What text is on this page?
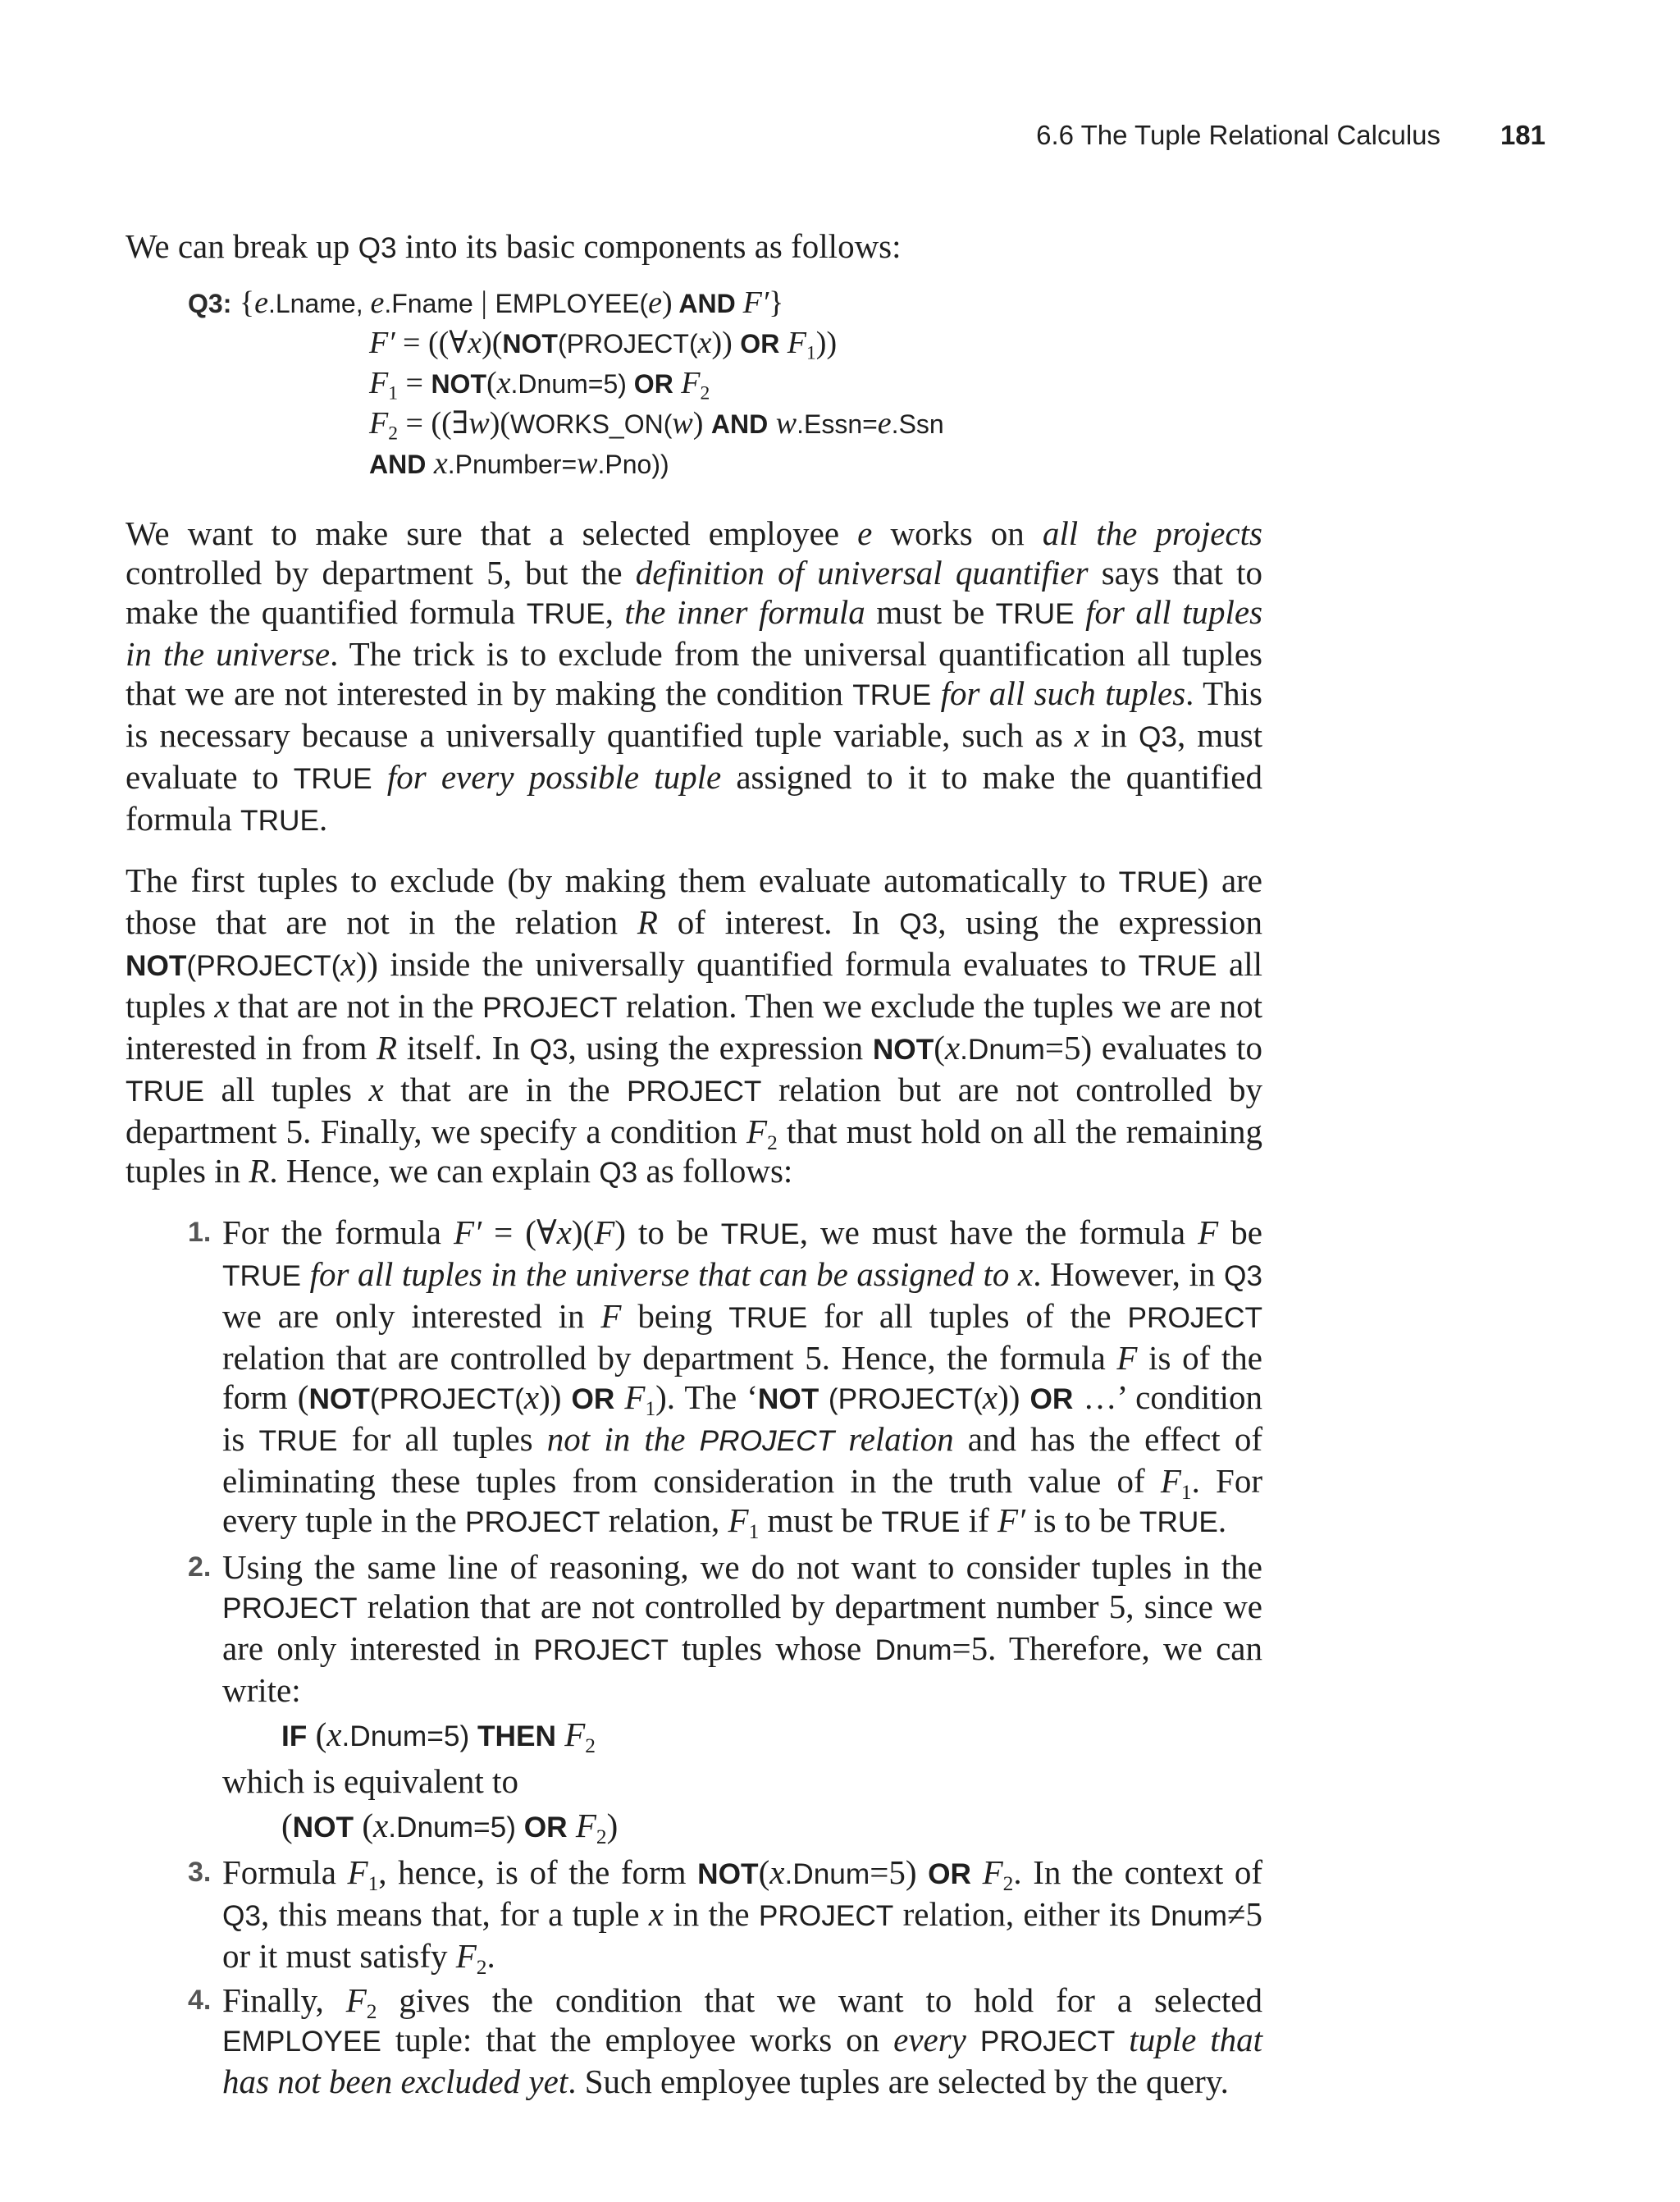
6.6 The Tuple Relational Calculus 181

We can break up Q3 into its basic components as follows:

Q3: {e.Lname, e.Fname | EMPLOYEE(e) AND F′}

F′ = ((∀x)(NOT(PROJECT(x)) OR $F_1$))

$F_1$ = NOT(x.Dnum=5) OR $F_2$

$F_2$ = ((∃w)(WORKS_ON(w) AND w.Essn=e.Ssn

AND x.Pnumber=w.Pno))

We want to make sure that a selected employee e works on all the projects controlled by department 5, but the definition of universal quantifier says that to make the quantified formula TRUE, the inner formula must be TRUE for all tuples in the universe. The trick is to exclude from the universal quantification all tuples that we are not interested in by making the condition TRUE for all such tuples. This is necessary because a universally quantified tuple variable, such as x in Q3, must evaluate to TRUE for every possible tuple assigned to it to make the quantified formula TRUE.

The first tuples to exclude (by making them evaluate automatically to TRUE) are those that are not in the relation R of interest. In Q3, using the expression NOT(PROJECT(x)) inside the universally quantified formula evaluates to TRUE all tuples x that are not in the PROJECT relation. Then we exclude the tuples we are not interested in from R itself. In Q3, using the expression NOT(x.Dnum=5) evaluates to TRUE all tuples x that are in the PROJECT relation but are not controlled by department 5. Finally, we specify a condition $F_2$ that must hold on all the remaining tuples in R. Hence, we can explain Q3 as follows:

1. For the formula F′ = (∀x)(F) to be TRUE, we must have the formula F be TRUE for all tuples in the universe that can be assigned to x. However, in Q3 we are only interested in F being TRUE for all tuples of the PROJECT relation that are controlled by department 5. Hence, the formula F is of the form (NOT(PROJECT(x)) OR $F_1$). The ‘NOT (PROJECT(x)) OR …’ condition is TRUE for all tuples not in the PROJECT relation and has the effect of eliminating these tuples from consideration in the truth value of $F_1$. For every tuple in the PROJECT relation, $F_1$ must be TRUE if F′ is to be TRUE.
2. Using the same line of reasoning, we do not want to consider tuples in the PROJECT relation that are not controlled by department number 5, since we are only interested in PROJECT tuples whose Dnum=5. Therefore, we can write:
IF (x.Dnum=5) THEN $F_2$
which is equivalent to
(NOT (x.Dnum=5) OR $F_2$)
3. Formula $F_1$, hence, is of the form NOT(x.Dnum=5) OR $F_2$. In the context of Q3, this means that, for a tuple x in the PROJECT relation, either its Dnum≠5 or it must satisfy $F_2$.
4. Finally, $F_2$ gives the condition that we want to hold for a selected EMPLOYEE tuple: that the employee works on every PROJECT tuple that has not been excluded yet. Such employee tuples are selected by the query.
